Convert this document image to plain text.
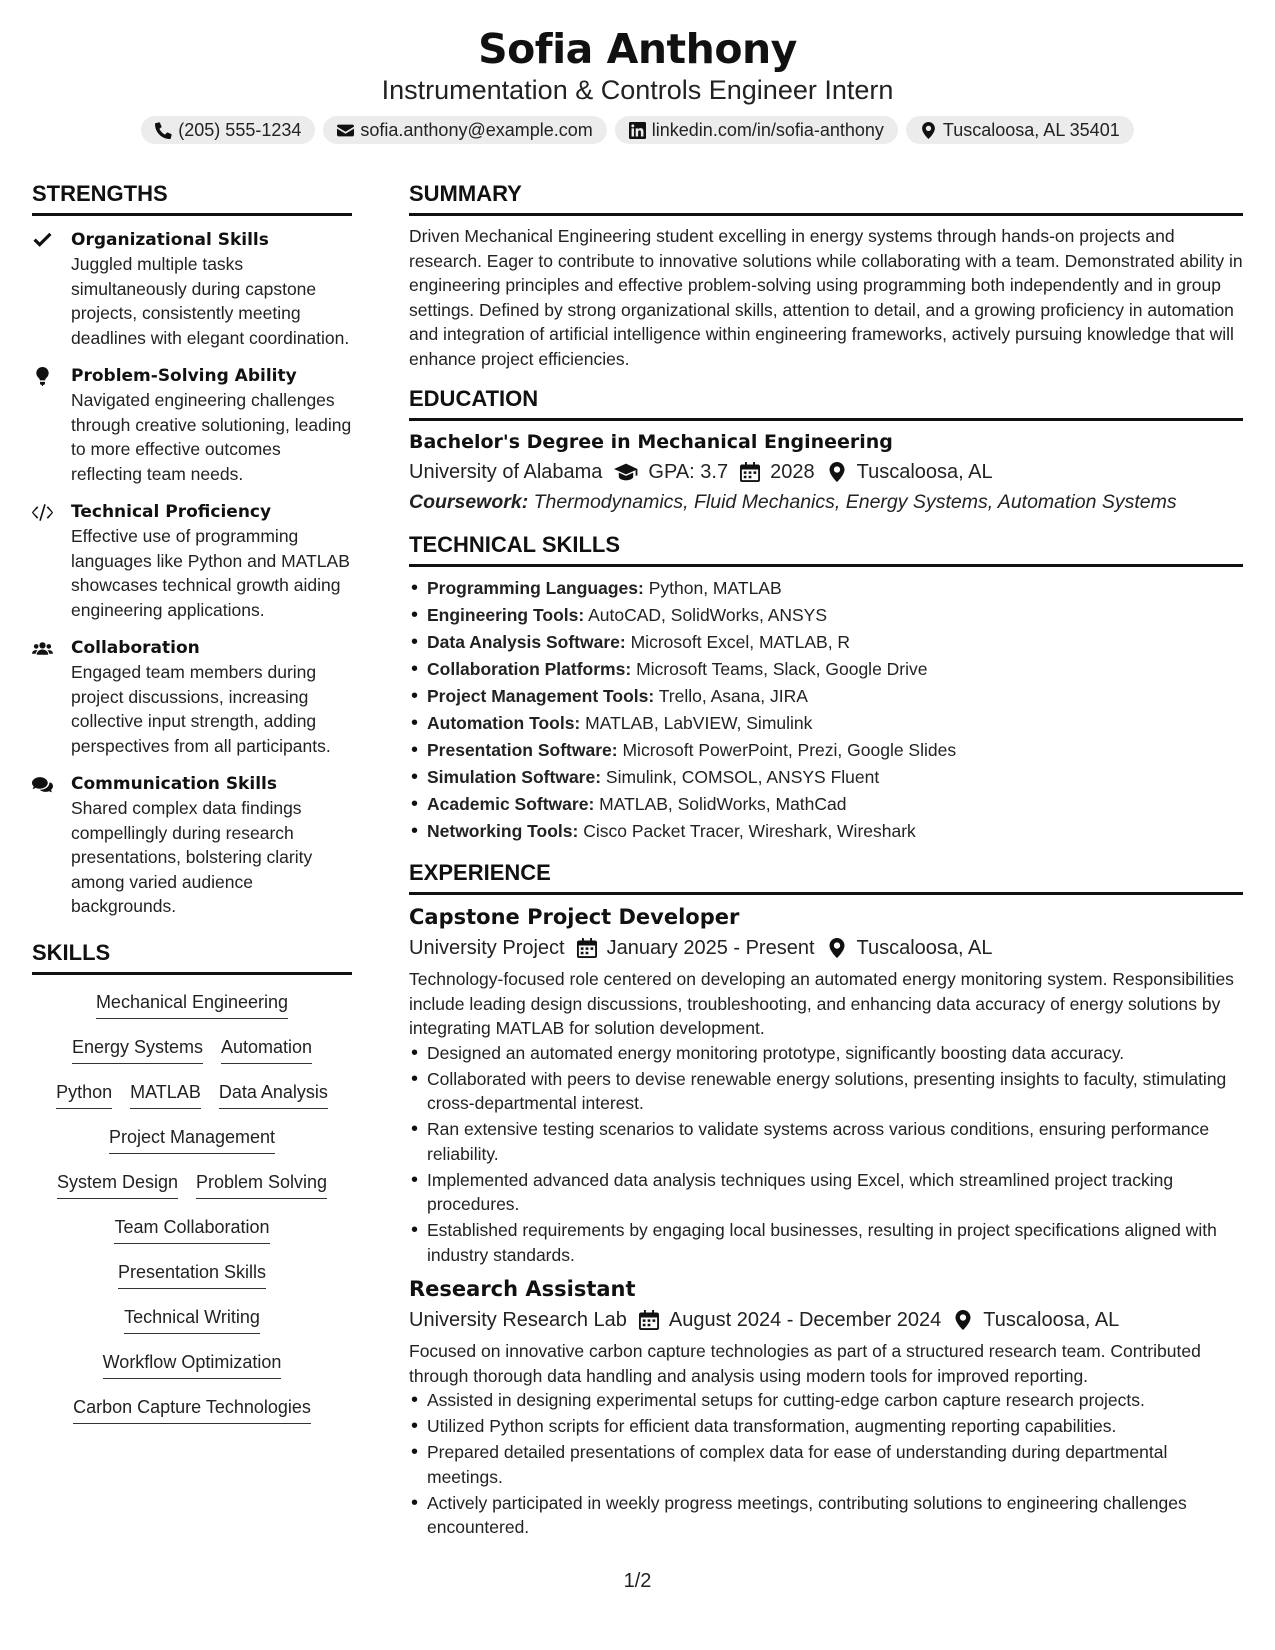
Sofia Anthony
Instrumentation & Controls Engineer Intern
(205) 555-1234	sofia.anthony@example.com	linkedin.com/in/sofia-anthony	Tuscaloosa, AL 35401
STRENGTHS
Organizational Skills
Juggled multiple tasks simultaneously during capstone projects, consistently meeting deadlines with elegant coordination.
Problem-Solving Ability
Navigated engineering challenges through creative solutioning, leading to more effective outcomes reflecting team needs.
Technical Proficiency
Effective use of programming languages like Python and MATLAB showcases technical growth aiding engineering applications.
Collaboration
Engaged team members during project discussions, increasing collective input strength, adding perspectives from all participants.
Communication Skills
Shared complex data findings compellingly during research presentations, bolstering clarity among varied audience backgrounds.
SKILLS
Mechanical Engineering
Energy Systems Automation
Python MATLAB Data Analysis
Project Management
System Design Problem Solving
Team Collaboration
Presentation Skills
Technical Writing
Workflow Optimization
Carbon Capture Technologies
SUMMARY
Driven Mechanical Engineering student excelling in energy systems through hands-on projects and research. Eager to contribute to innovative solutions while collaborating with a team. Demonstrated ability in engineering principles and effective problem-solving using programming both independently and in group settings. Defined by strong organizational skills, attention to detail, and a growing proficiency in automation and integration of artificial intelligence within engineering frameworks, actively pursuing knowledge that will enhance project efficiencies.
EDUCATION
Bachelor's Degree in Mechanical Engineering
University of Alabama GPA: 3.7 2028 Tuscaloosa, AL
Coursework: Thermodynamics, Fluid Mechanics, Energy Systems, Automation Systems
TECHNICAL SKILLS
• Programming Languages: Python, MATLAB
• Engineering Tools: AutoCAD, SolidWorks, ANSYS
• Data Analysis Software: Microsoft Excel, MATLAB, R
• Collaboration Platforms: Microsoft Teams, Slack, Google Drive
• Project Management Tools: Trello, Asana, JIRA
• Automation Tools: MATLAB, LabVIEW, Simulink
• Presentation Software: Microsoft PowerPoint, Prezi, Google Slides
• Simulation Software: Simulink, COMSOL, ANSYS Fluent
• Academic Software: MATLAB, SolidWorks, MathCad
• Networking Tools: Cisco Packet Tracer, Wireshark, Wireshark
EXPERIENCE
Capstone Project Developer
University Project January 2025 - Present Tuscaloosa, AL
Technology-focused role centered on developing an automated energy monitoring system. Responsibilities include leading design discussions, troubleshooting, and enhancing data accuracy of energy solutions by integrating MATLAB for solution development.
• Designed an automated energy monitoring prototype, significantly boosting data accuracy.
• Collaborated with peers to devise renewable energy solutions, presenting insights to faculty, stimulating cross-departmental interest.
• Ran extensive testing scenarios to validate systems across various conditions, ensuring performance reliability.
• Implemented advanced data analysis techniques using Excel, which streamlined project tracking procedures.
• Established requirements by engaging local businesses, resulting in project specifications aligned with industry standards.
Research Assistant
University Research Lab August 2024 - December 2024 Tuscaloosa, AL
Focused on innovative carbon capture technologies as part of a structured research team. Contributed through thorough data handling and analysis using modern tools for improved reporting.
• Assisted in designing experimental setups for cutting-edge carbon capture research projects.
• Utilized Python scripts for efficient data transformation, augmenting reporting capabilities.
• Prepared detailed presentations of complex data for ease of understanding during departmental meetings.
• Actively participated in weekly progress meetings, contributing solutions to engineering challenges encountered.
1/2
